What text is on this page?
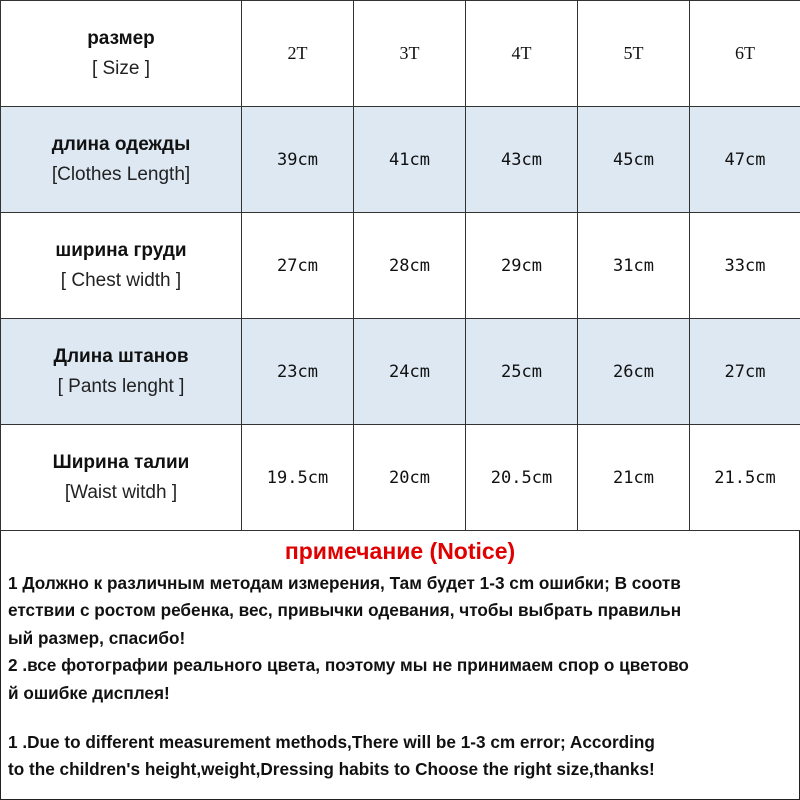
размер
[ Size ]	2T	3T	4T	5T	6T

длина одежды
[Clothes Length]	39cm	41cm	43cm	45cm	47cm

ширина груди
[ Chest width ]	27cm	28cm	29cm	31cm	33cm

Длина штанов
[ Pants lenght ]	23cm	24cm	25cm	26cm	27cm

Ширина талии
[Waist witdh ]	19.5cm	20cm	20.5cm	21cm	21.5cm
примечание (Notice)
1 Должно к различным методам измерения, Там будет 1-3 cm ошибки; В соотв
етствии с ростом ребенка, вес, привычки одевания, чтобы выбрать правильн
ый размер, спасибо!
2 .все фотографии реального цвета, поэтому мы не принимаем спор о цветово
й ошибке дисплея!
1 .Due to different measurement methods,There will be 1-3 cm error; According
to the children's height,weight,Dressing habits to Choose the right size,thanks!
